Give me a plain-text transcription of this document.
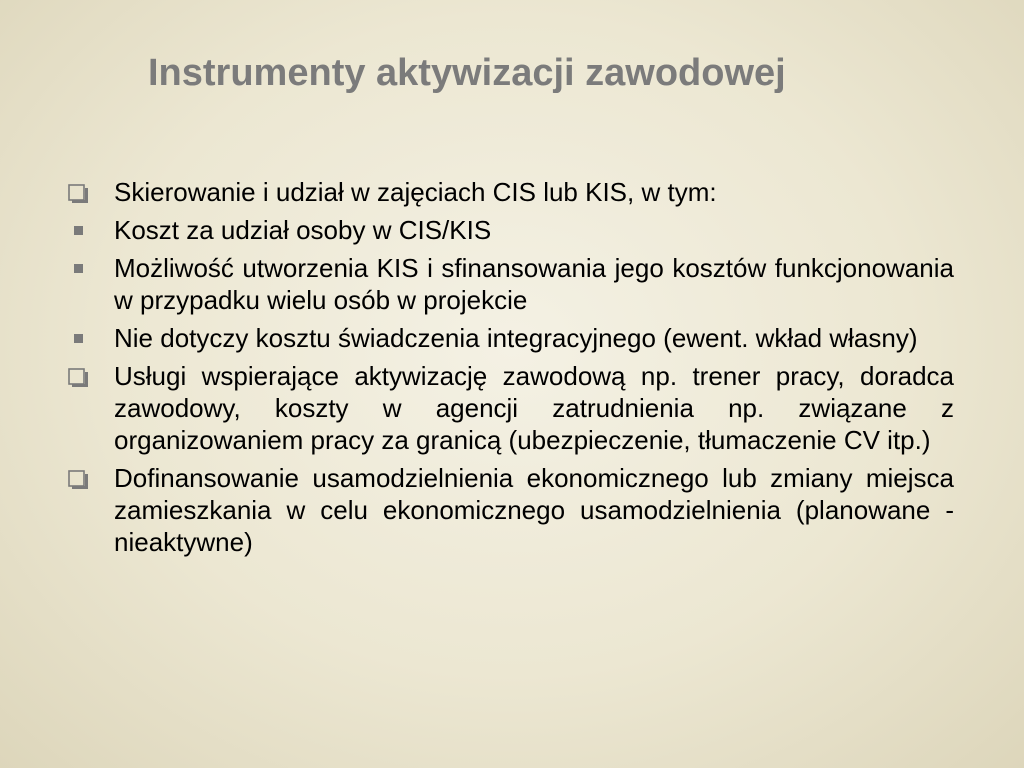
Instrumenty aktywizacji zawodowej
Skierowanie i udział w zajęciach CIS lub KIS, w tym:
Koszt za udział osoby w CIS/KIS
Możliwość utworzenia KIS i sfinansowania jego kosztów funkcjonowania w przypadku wielu osób w projekcie
Nie dotyczy kosztu świadczenia integracyjnego (ewent. wkład własny)
Usługi wspierające aktywizację zawodową np. trener pracy, doradca zawodowy, koszty w agencji zatrudnienia np. związane z organizowaniem pracy za granicą (ubezpieczenie, tłumaczenie CV itp.)
Dofinansowanie usamodzielnienia ekonomicznego lub zmiany miejsca zamieszkania w celu ekonomicznego usamodzielnienia (planowane - nieaktywne)
